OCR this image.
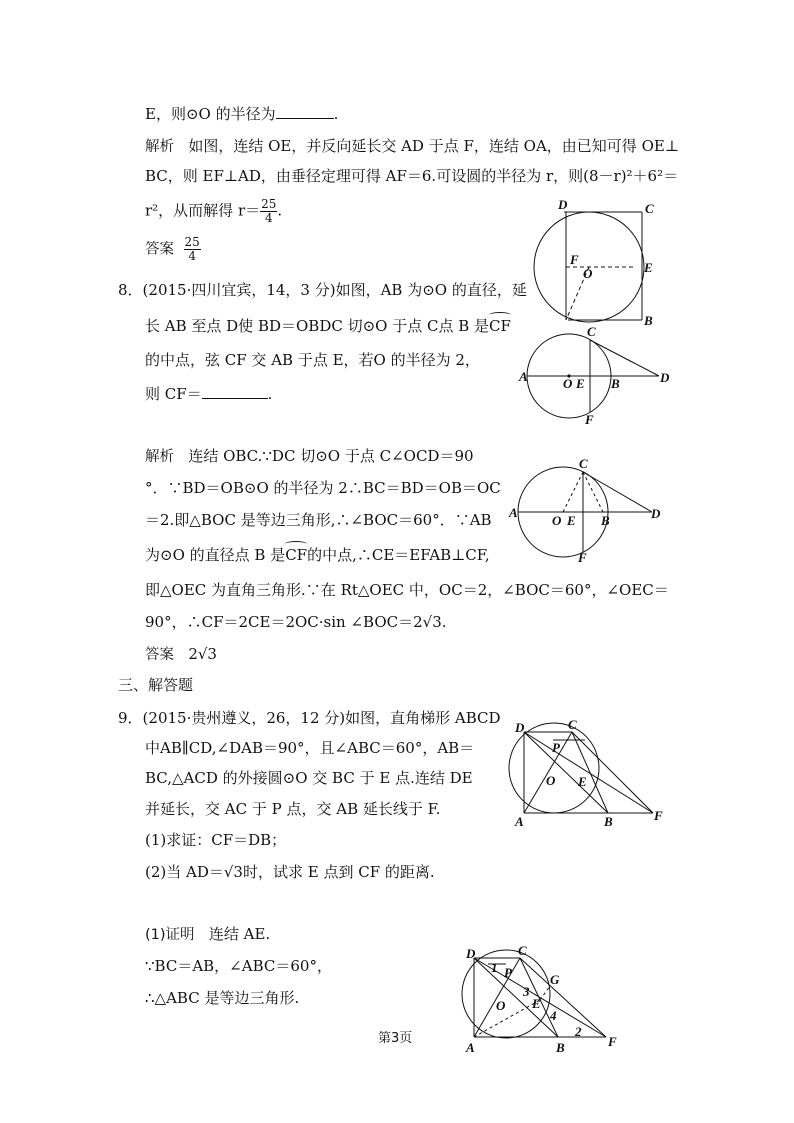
E，则⊙O 的半径为	.
解析 如图，连结 OE，并反向延长交 AD 于点 F，连结 OA，由已知可得 OE⊥
BC，则 EF⊥AD，由垂径定理可得 AF＝6.可设圆的半径为 r，则(8－r)²＋6²＝
r²，从而解得 $r= \frac{25}{4}$ .
答案 $\frac{25}{4}$
8．(2015·四川宜宾，14，3 分)如图，AB 为⊙O 的直径，延
长 AB 至点 D使 BD＝OBDC 切⊙O 于点 C点 B 是CF
的中点，弦 CF 交 AB 于点 E，若O 的半径为 2，
则 CF＝	.
解析 连结 OBC.∵DC 切⊙O 于点 C∠OCD＝90
°．∵BD＝OB⊙O 的半径为 2∴BC＝BD＝OB＝OC
＝2.即△BOC 是等边三角形,∴∠BOC＝60°．∵AB
为⊙O 的直径点 B 是CF
的中点,∴CE＝EFAB⊥CF,
即△OEC 为直角三角形.∵在 Rt△OEC 中，OC＝2，∠BOC＝60°，∠OEC＝
90°，∴CF＝2CE＝2OC·sin ∠BOC＝2√3.
答案 2√3
三、解答题
9．(2015·贵州遵义，26，12 分)如图，直角梯形 ABCD
中AB∥CD,∠DAB＝90°，且∠ABC＝60°，AB＝
BC,△ACD 的外接圆⊙O 交 BC 于 E 点.连结 DE
并延长，交 AC 于 P 点，交 AB 延长线于 F.
(1)求证：CF＝DB；
(2)当 AD＝√3时，试求 E 点到 CF 的距离.
(1)证明 连结 AE.
∵BC＝AB，∠ABC＝60°，
∴△ABC 是等边三角形.
第3页
D	C
F
O	E
B
C
A	O E B	D
F
C
A
O E B	D
F
D	C
P
O E
A	B	F
D	C
1 P	G
3
O E
4
2
A	B	F
